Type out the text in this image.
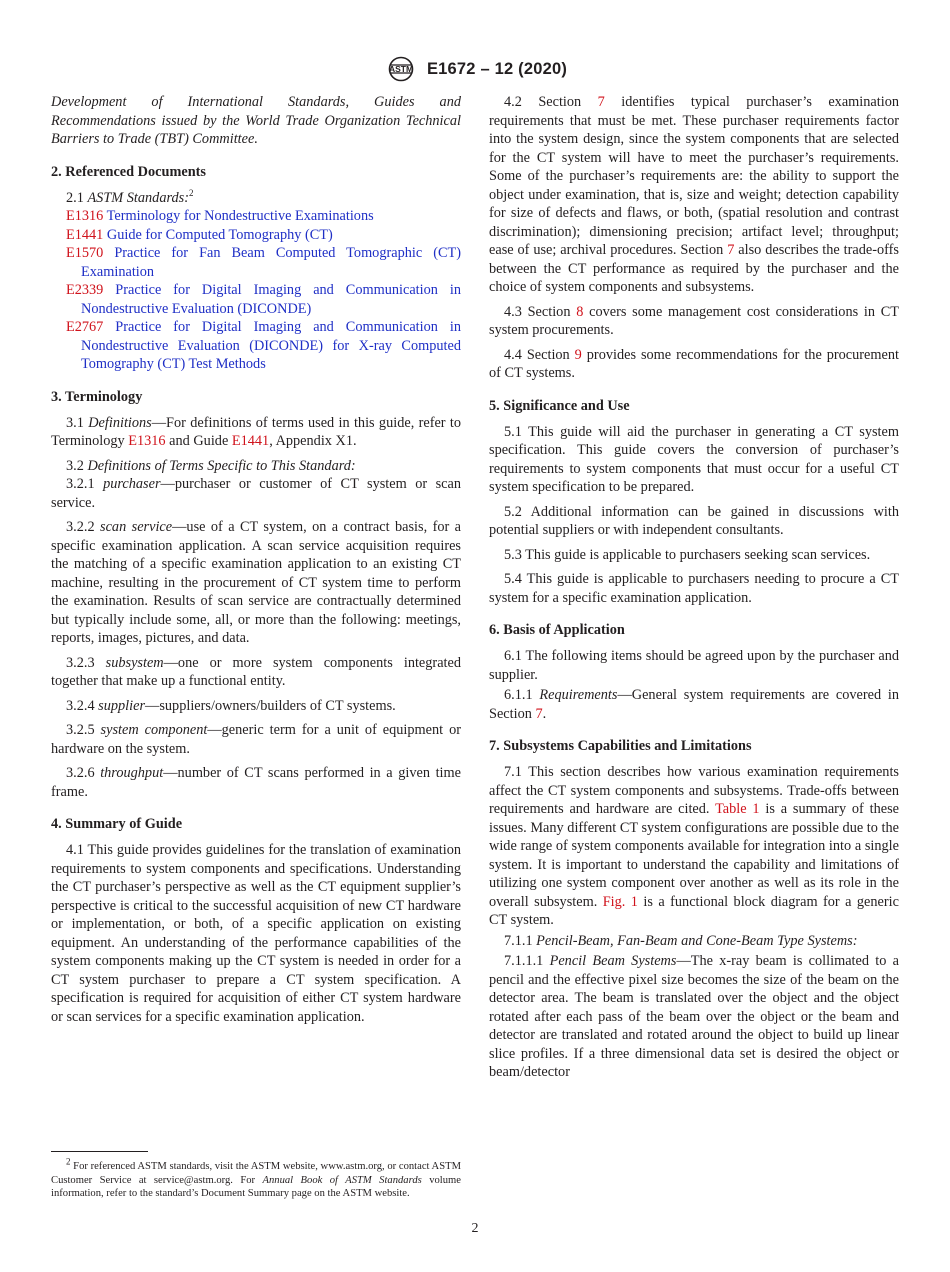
ASTM E1672 – 12 (2020)

Development of International Standards, Guides and Recommendations issued by the World Trade Organization Technical Barriers to Trade (TBT) Committee.

2. Referenced Documents

2.1 ASTM Standards:$^2$

E1316 Terminology for Nondestructive Examinations

E1441 Guide for Computed Tomography (CT)

E1570 Practice for Fan Beam Computed Tomographic (CT) Examination

E2339 Practice for Digital Imaging and Communication in Nondestructive Evaluation (DICONDE)

E2767 Practice for Digital Imaging and Communication in Nondestructive Evaluation (DICONDE) for X-ray Computed Tomography (CT) Test Methods

3. Terminology

3.1 Definitions—For definitions of terms used in this guide, refer to Terminology E1316 and Guide E1441, Appendix X1.

3.2 Definitions of Terms Specific to This Standard:

3.2.1 purchaser—purchaser or customer of CT system or scan service.

3.2.2 scan service—use of a CT system, on a contract basis, for a specific examination application. A scan service acquisition requires the matching of a specific examination application to an existing CT machine, resulting in the procurement of CT system time to perform the examination. Results of scan service are contractually determined but typically include some, all, or more than the following: meetings, reports, images, pictures, and data.

3.2.3 subsystem—one or more system components integrated together that make up a functional entity.

3.2.4 supplier—suppliers/owners/builders of CT systems.

3.2.5 system component—generic term for a unit of equipment or hardware on the system.

3.2.6 throughput—number of CT scans performed in a given time frame.

4. Summary of Guide

4.1 This guide provides guidelines for the translation of examination requirements to system components and specifications. Understanding the CT purchaser’s perspective as well as the CT equipment supplier’s perspective is critical to the successful acquisition of new CT hardware or implementation, or both, of a specific application on existing equipment. An understanding of the performance capabilities of the system components making up the CT system is needed in order for a CT system purchaser to prepare a CT system specification. A specification is required for acquisition of either CT system hardware or scan services for a specific examination application.

$^2$ For referenced ASTM standards, visit the ASTM website, www.astm.org, or contact ASTM Customer Service at service@astm.org. For Annual Book of ASTM Standards volume information, refer to the standard’s Document Summary page on the ASTM website.

4.2 Section 7 identifies typical purchaser’s examination requirements that must be met. These purchaser requirements factor into the system design, since the system components that are selected for the CT system will have to meet the purchaser’s requirements. Some of the purchaser’s requirements are: the ability to support the object under examination, that is, size and weight; detection capability for size of defects and flaws, or both, (spatial resolution and contrast discrimination); dimensioning precision; artifact level; throughput; ease of use; archival procedures. Section 7 also describes the trade-offs between the CT performance as required by the purchaser and the choice of system components and subsystems.

4.3 Section 8 covers some management cost considerations in CT system procurements.

4.4 Section 9 provides some recommendations for the procurement of CT systems.

5. Significance and Use

5.1 This guide will aid the purchaser in generating a CT system specification. This guide covers the conversion of purchaser’s requirements to system components that must occur for a useful CT system specification to be prepared.

5.2 Additional information can be gained in discussions with potential suppliers or with independent consultants.

5.3 This guide is applicable to purchasers seeking scan services.

5.4 This guide is applicable to purchasers needing to procure a CT system for a specific examination application.

6. Basis of Application

6.1 The following items should be agreed upon by the purchaser and supplier.

6.1.1 Requirements—General system requirements are covered in Section 7.

7. Subsystems Capabilities and Limitations

7.1 This section describes how various examination requirements affect the CT system components and subsystems. Trade-offs between requirements and hardware are cited. Table 1 is a summary of these issues. Many different CT system configurations are possible due to the wide range of system components available for integration into a single system. It is important to understand the capability and limitations of utilizing one system component over another as well as its role in the overall subsystem. Fig. 1 is a functional block diagram for a generic CT system.

7.1.1 Pencil-Beam, Fan-Beam and Cone-Beam Type Systems:

7.1.1.1 Pencil Beam Systems—The x-ray beam is collimated to a pencil and the effective pixel size becomes the size of the beam on the detector area. The beam is translated over the object and the object rotated after each pass of the beam over the object or the beam and detector are translated and rotated around the object to build up linear slice profiles. If a three dimensional data set is desired the object or beam/detector

2
